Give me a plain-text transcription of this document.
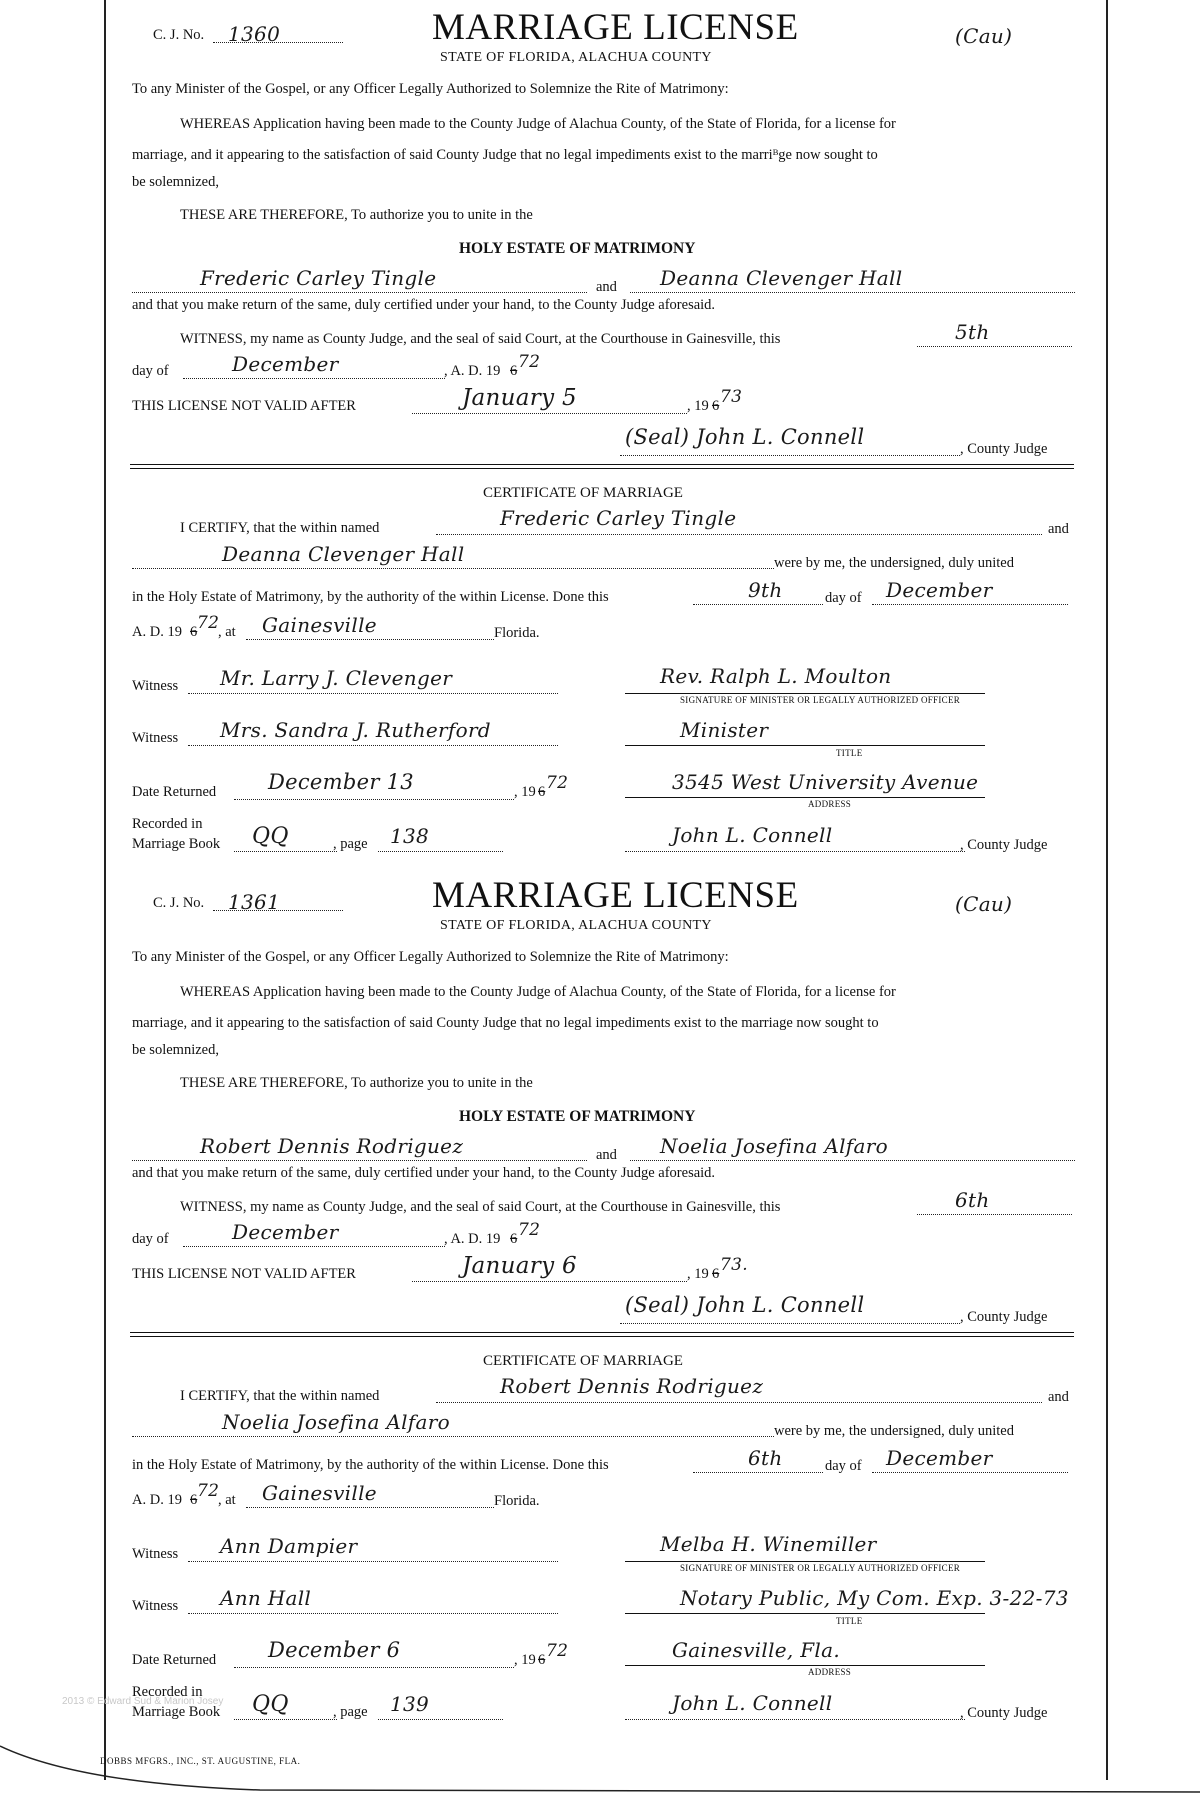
C. J. No. 1360	MARRIAGE LICENSE
STATE OF FLORIDA, ALACHUA COUNTY
(Cau)
To any Minister of the Gospel, or any Officer Legally Authorized to Solemnize the Rite of Matrimony:
WHEREAS Application having been made to the County Judge of Alachua County, of the State of Florida, for a license for
marriage, and it appearing to the satisfaction of said County Judge that no legal impediments exist to the marriᴮge now sought to
be solemnized,
THESE ARE THEREFORE, To authorize you to unite in the
HOLY ESTATE OF MATRIMONY
Frederic Carley Tingle	and Deanna Clevenger Hall
and that you make return of the same, duly certified under your hand, to the County Judge aforesaid.
WITNESS, my name as County Judge, and the seal of said Court, at the Courthouse in Gainesville, this	5th
day of	December	, A. D. 19 6 72
THIS LICENSE NOT VALID AFTER	January 5	, 19 6 73
(Seal) John L. Connell	, County Judge
CERTIFICATE OF MARRIAGE
I CERTIFY, that the within named	Frederic Carley Tingle	and
Deanna Clevenger Hall	were by me, the undersigned, duly united
in the Holy Estate of Matrimony, by the authority of the within License. Done this	9th	day of December
A. D. 19 6 72
, at Gainesville	Florida.
Witness Mr. Larry J. Clevenger	Rev. Ralph L. Moulton
SIGNATURE OF MINISTER OR LEGALLY AUTHORIZED OFFICER
Witness Mrs. Sandra J. Rutherford	Minister
TITLE
Date Returned December 13	, 19 6 72	3545 West University Avenue
ADDRESS
Recorded in
Marriage Book QQ	, page 138	John L. Connell	, County Judge
C. J. No. 1361	MARRIAGE LICENSE
STATE OF FLORIDA, ALACHUA COUNTY
(Cau)
To any Minister of the Gospel, or any Officer Legally Authorized to Solemnize the Rite of Matrimony:
WHEREAS Application having been made to the County Judge of Alachua County, of the State of Florida, for a license for
marriage, and it appearing to the satisfaction of said County Judge that no legal impediments exist to the marriage now sought to
be solemnized,
THESE ARE THEREFORE, To authorize you to unite in the
HOLY ESTATE OF MATRIMONY
Robert Dennis Rodriguez	and Noelia Josefina Alfaro
and that you make return of the same, duly certified under your hand, to the County Judge aforesaid.
WITNESS, my name as County Judge, and the seal of said Court, at the Courthouse in Gainesville, this	6th
day of	December	, A. D. 19 6 72
THIS LICENSE NOT VALID AFTER	January 6	, 19 6 73.
(Seal) John L. Connell	, County Judge
CERTIFICATE OF MARRIAGE
I CERTIFY, that the within named	Robert Dennis Rodriguez	and
Noelia Josefina Alfaro	were by me, the undersigned, duly united
in the Holy Estate of Matrimony, by the authority of the within License. Done this	6th	day of December
A. D. 19 6 72
, at Gainesville	Florida.
Witness Ann Dampier	Melba H. Winemiller
SIGNATURE OF MINISTER OR LEGALLY AUTHORIZED OFFICER
Witness Ann Hall	Notary Public, My Com. Exp. 3-22-73
TITLE
Date Returned December 6	, 19 6 72	Gainesville, Fla.
ADDRESS
Recorded in
Marriage Book QQ	, page 139	John L. Connell	, County Judge
DOBBS MFGRS., INC., ST. AUGUSTINE, FLA.
2013 © Edward Sud & Marion Josey
